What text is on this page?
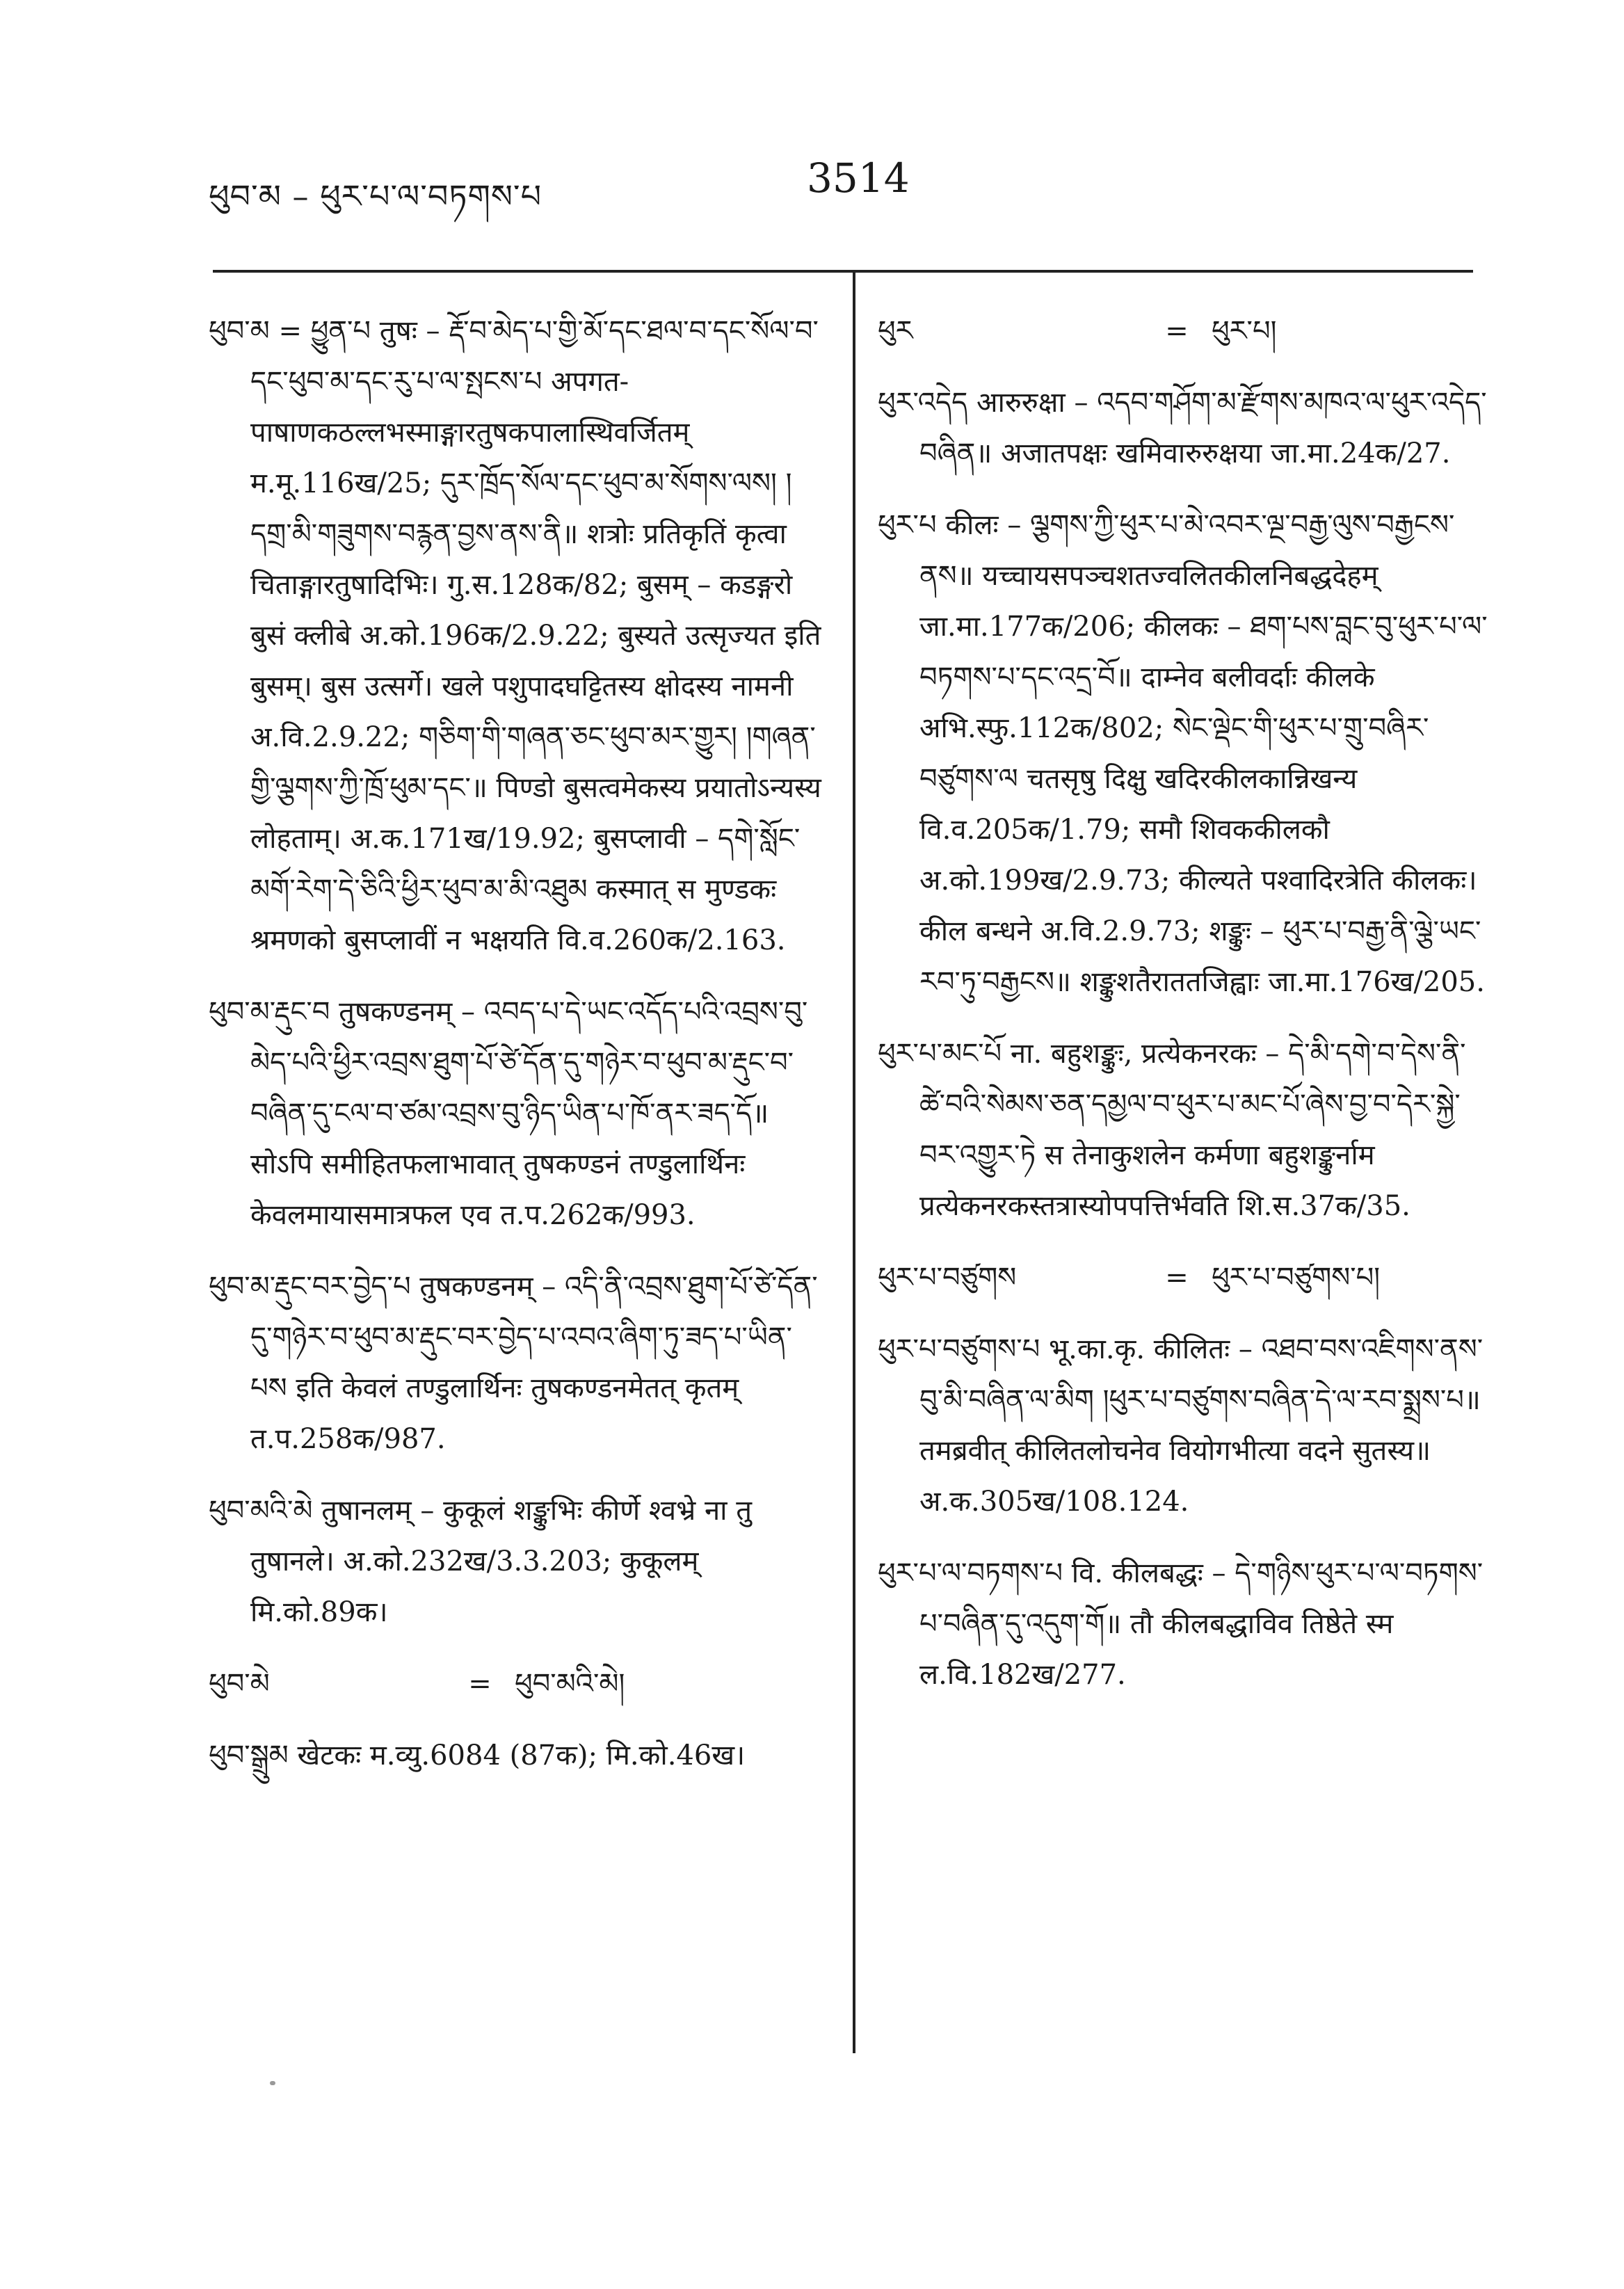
ཕུབ་མ – ཕུར་པ་ལ་བཏགས་པ	3514
ཕུབ་མ = ཕྱུན་པ तुषः – རྡོ་བ་མེད་པ་གྱི་མོ་དང་ཐལ་བ་དང་སོལ་བ་དང་ཕུབ་མ་དང་རུ་པ་ལ་སྤངས་པ अपगत-पाषाणकठल्लभस्माङ्गारतुषकपालास्थिवर्जितम् म.मू.116ख/25; དུར་ཁྲོད་སོལ་དང་ཕུབ་མ་སོགས་ལས། །དགྲ་མི་གཟུགས་བརྙན་བྱས་ནས་ནི॥ शत्रोः प्रतिकृतिं कृत्वा चिताङ्गारतुषादिभिः। गु.स.128क/82; बुसम् – कडङ्गरो बुसं क्लीबे अ.को.196क/2.9.22; बुस्यते उत्सृज्यत इति बुसम्। बुस उत्सर्गे। खले पशुपादघट्टितस्य क्षोदस्य नामनी अ.वि.2.9.22; གཅིག་གི་གཞན་ཅང་ཕུབ་མར་གྱུར། །གཞན་གྱི་ལྕགས་ཀྱི་ཁྲོ་ཕུམ་དང་॥ पिण्डो बुसत्वमेकस्य प्रयातोऽन्यस्य लोहताम्। अ.क.171ख/19.92; बुसप्लावी – དགེ་སློང་མགོ་རེག་དེ་ཅིའི་ཕྱིར་ཕུབ་མ་མི་འཐུམ कस्मात् स मुण्डकः श्रमणको बुसप्लावीं न भक्षयति वि.व.260क/2.163.
ཕུབ་མ་རྡུང་བ तुषकण्डनम् – འབད་པ་དེ་ཡང་འདོད་པའི་འབྲས་བུ་མེད་པའི་ཕྱིར་འབྲས་ཐུག་པོ་ཙེ་དོན་དུ་གཉེར་བ་ཕུབ་མ་རྡུང་བ་བཞིན་དུ་ངལ་བ་ཙམ་འབྲས་བུ་ཉིད་ཡིན་པ་ཁོ་ནར་ཟད་དོ॥ सोऽपि समीहितफलाभावात् तुषकण्डनं तण्डुलार्थिनः केवलमायासमात्रफल एव त.प.262क/993.
ཕུབ་མ་རྡུང་བར་བྱེད་པ तुषकण्डनम् – འདི་ནི་འབྲས་ཐུག་པོ་ཙེ་དོན་དུ་གཉེར་བ་ཕུབ་མ་རྡུང་བར་བྱེད་པ་འབའ་ཞིག་ཏུ་ཟད་པ་ཡིན་པས इति केवलं तण्डुलार्थिनः तुषकण्डनमेतत् कृतम् त.प.258क/987.
ཕུབ་མའི་མེ तुषानलम् – कुकूलं शङ्कुभिः कीर्णे श्वभ्रे ना तु तुषानले। अ.को.232ख/3.3.203; कुकूलम् मि.को.89क।
ཕུབ་མེ	= ཕུབ་མའི་མེ།
ཕུབ་སྒྲུམ खेटकः म.व्यु.6084 (87क); मि.को.46ख।
ཕུར	= ཕུར་པ།
ཕུར་འདེད आरुरुक्षा – འདབ་གཤོག་མ་རྫོགས་མཁའ་ལ་ཕུར་འདེད་བཞིན॥ अजातपक्षः खमिवारुरुक्षया जा.मा.24क/27.
ཕུར་པ कीलः – ལྕགས་ཀྱི་ཕུར་པ་མེ་འབར་ལྔ་བརྒྱ་ལུས་བརྒྱངས་ནས॥ यच्चायसपञ्चशतज्वलितकीलनिबद्धदेहम् जा.मा.177क/206; कीलकः – ཐག་པས་བླང་བུ་ཕུར་པ་ལ་བཏགས་པ་དང་འདྲ་བོ॥ दाम्नेव बलीवर्दाः कीलके अभि.स्फु.112क/802; སེང་ལྡེང་གི་ཕུར་པ་གྲུ་བཞིར་བཙུགས་ལ चतसृषु दिक्षु खदिरकीलकान्निखन्य वि.व.205क/1.79; समौ शिवककीलकौ अ.को.199ख/2.9.73; कील्यते पश्वादिरत्रेति कीलकः। कील बन्धने अ.वि.2.9.73; शङ्कुः – ཕུར་པ་བརྒྱ་ནི་ལྕེ་ཡང་རབ་ཏུ་བརྒྱངས॥ शङ्कुशतैराततजिह्वाः जा.मा.176ख/205.
ཕུར་པ་མང་པོ ना. बहुशङ्कुः, प्रत्येकनरकः – དེ་མི་དགེ་བ་དེས་ནི་ཚེ་བའི་སེམས་ཅན་དམྱལ་བ་ཕུར་པ་མང་པོ་ཞེས་བྱ་བ་དེར་སྐྱེ་བར་འགྱུར་ཏེ स तेनाकुशलेन कर्मणा बहुशङ्कुर्नाम प्रत्येकनरकस्तत्रास्योपपत्तिर्भवति शि.स.37क/35.
ཕུར་པ་བཙུགས	= ཕུར་པ་བཙུགས་པ།
ཕུར་པ་བཙུགས་པ भू.का.कृ. कीलितः – འཐབ་བས་འཇིགས་ནས་བུ་མི་བཞིན་ལ་མིག །ཕུར་པ་བཙུགས་བཞིན་དེ་ལ་རབ་སྨྲས་པ॥ तमब्रवीत् कीलितलोचनेव वियोगभीत्या वदने सुतस्य॥ अ.क.305ख/108.124.
ཕུར་པ་ལ་བཏགས་པ वि. कीलबद्धः – དེ་གཉིས་ཕུར་པ་ལ་བཏགས་པ་བཞིན་དུ་འདུག་གོ॥ तौ कीलबद्धाविव तिष्ठेते स्म ल.वि.182ख/277.
